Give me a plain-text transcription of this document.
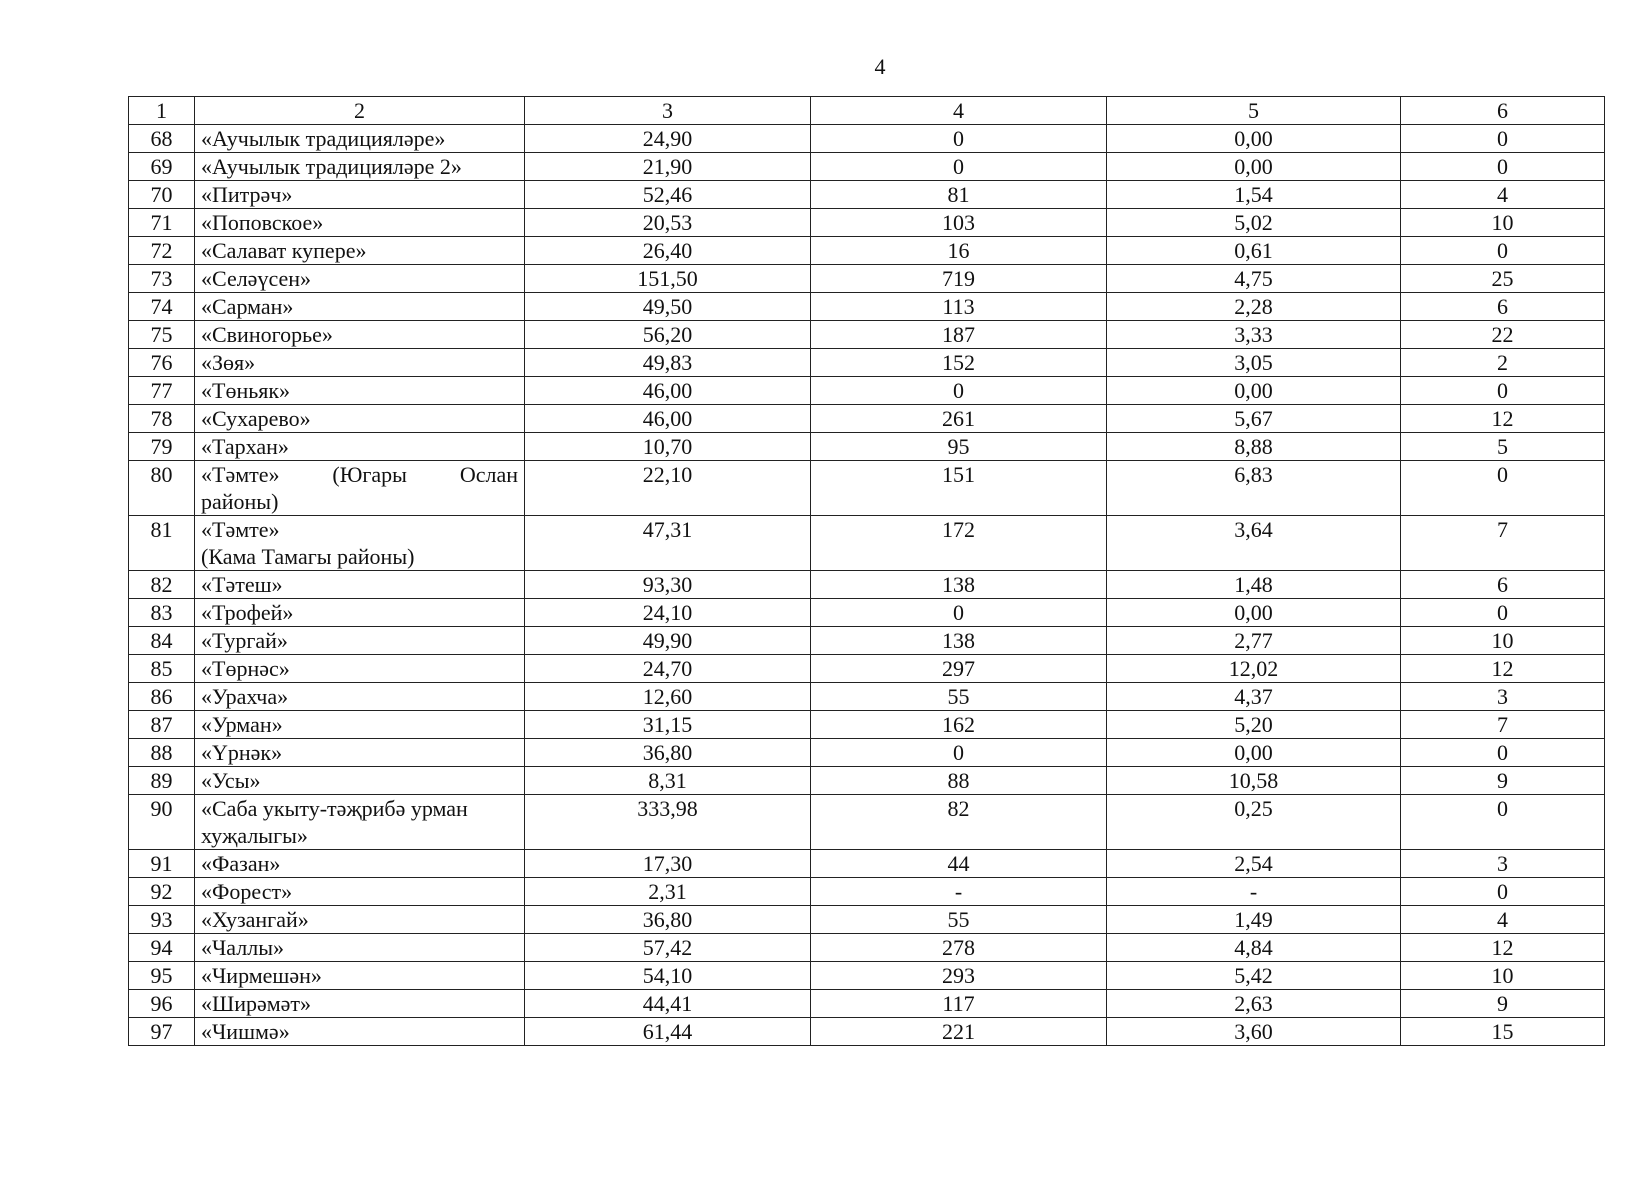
4
1	2	3	4	5	6
68	«Аучылык традицияләре»	24,90	0	0,00	0
69	«Аучылык традицияләре 2»	21,90	0	0,00	0
70	«Питрәч»	52,46	81	1,54	4
71	«Поповское»	20,53	103	5,02	10
72	«Салават купере»	26,40	16	0,61	0
73	«Селәүсен»	151,50	719	4,75	25
74	«Сарман»	49,50	113	2,28	6
75	«Свиногорье»	56,20	187	3,33	22
76	«Зөя»	49,83	152	3,05	2
77	«Төньяк»	46,00	0	0,00	0
78	«Сухарево»	46,00	261	5,67	12
79	«Тархан»	10,70	95	8,88	5
80	«Тәмте» (Югары Ослан
районы)	22,10	151	6,83	0
81	«Тәмте»
(Кама Тамагы районы)	47,31	172	3,64	7
82	«Тәтеш»	93,30	138	1,48	6
83	«Трофей»	24,10	0	0,00	0
84	«Тургай»	49,90	138	2,77	10
85	«Төрнәс»	24,70	297	12,02	12
86	«Урахча»	12,60	55	4,37	3
87	«Урман»	31,15	162	5,20	7
88	«Үрнәк»	36,80	0	0,00	0
89	«Усы»	8,31	88	10,58	9
90	«Саба укыту-тәҗрибә урман
хуҗалыгы»	333,98	82	0,25	0
91	«Фазан»	17,30	44	2,54	3
92	«Форест»	2,31	-	-	0
93	«Хузангай»	36,80	55	1,49	4
94	«Чаллы»	57,42	278	4,84	12
95	«Чирмешән»	54,10	293	5,42	10
96	«Ширәмәт»	44,41	117	2,63	9
97	«Чишмә»	61,44	221	3,60	15
